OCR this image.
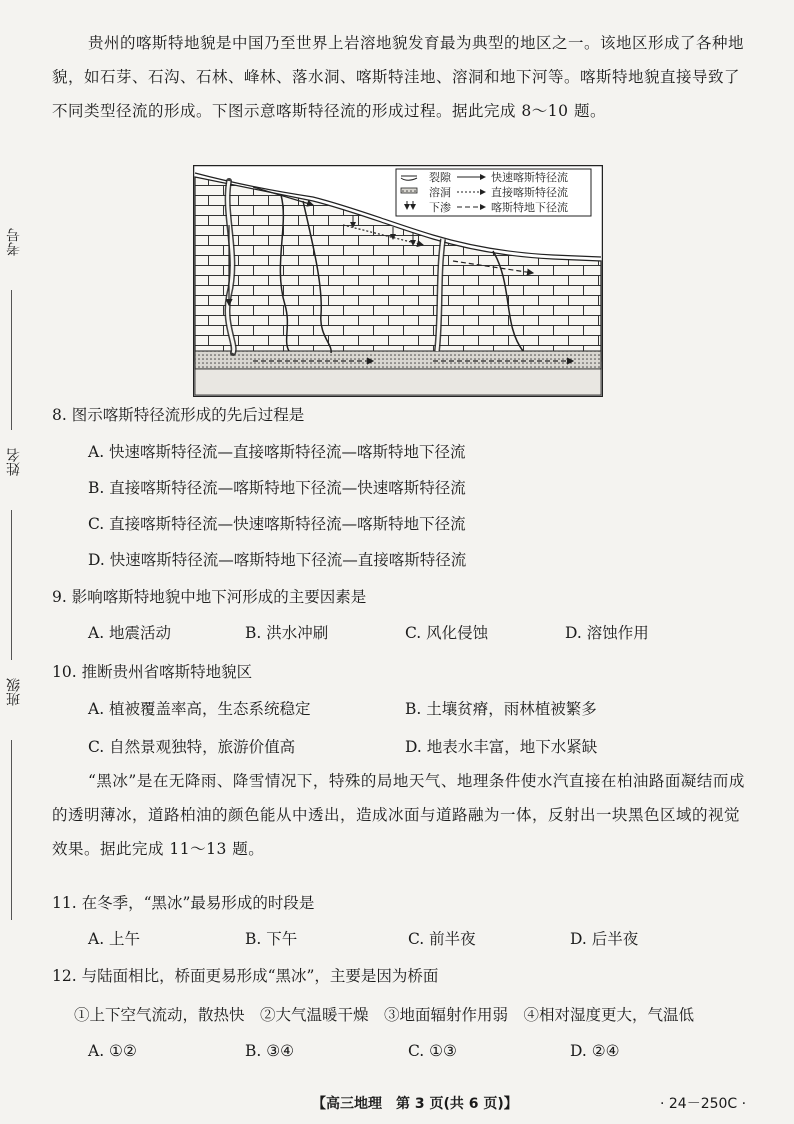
考号
姓名
班级
贵州的喀斯特地貌是中国乃至世界上岩溶地貌发育最为典型的地区之一。该地区形成了各种地貌，如石芽、石沟、石林、峰林、落水洞、喀斯特洼地、溶洞和地下河等。喀斯特地貌直接导致了不同类型径流的形成。下图示意喀斯特径流的形成过程。据此完成 8～10 题。
裂隙	快速喀斯特径流
溶洞	直接喀斯特径流
下渗	喀斯特地下径流
8. 图示喀斯特径流形成的先后过程是
A. 快速喀斯特径流—直接喀斯特径流—喀斯特地下径流
B. 直接喀斯特径流—喀斯特地下径流—快速喀斯特径流
C. 直接喀斯特径流—快速喀斯特径流—喀斯特地下径流
D. 快速喀斯特径流—喀斯特地下径流—直接喀斯特径流
9. 影响喀斯特地貌中地下河形成的主要因素是
A. 地震活动	B. 洪水冲刷	C. 风化侵蚀	D. 溶蚀作用
10. 推断贵州省喀斯特地貌区
A. 植被覆盖率高，生态系统稳定	B. 土壤贫瘠，雨林植被繁多
C. 自然景观独特，旅游价值高	D. 地表水丰富，地下水紧缺
“黑冰”是在无降雨、降雪情况下，特殊的局地天气、地理条件使水汽直接在柏油路面凝结而成的透明薄冰，道路柏油的颜色能从中透出，造成冰面与道路融为一体，反射出一块黑色区域的视觉效果。据此完成 11～13 题。
11. 在冬季，“黑冰”最易形成的时段是
A. 上午	B. 下午	C. 前半夜	D. 后半夜
12. 与陆面相比，桥面更易形成“黑冰”，主要是因为桥面
①上下空气流动，散热快　②大气温暖干燥　③地面辐射作用弱　④相对湿度更大，气温低
A. ①②	B. ③④	C. ①③	D. ②④
【高三地理　第 3 页(共 6 页)】	· 24－250C ·
